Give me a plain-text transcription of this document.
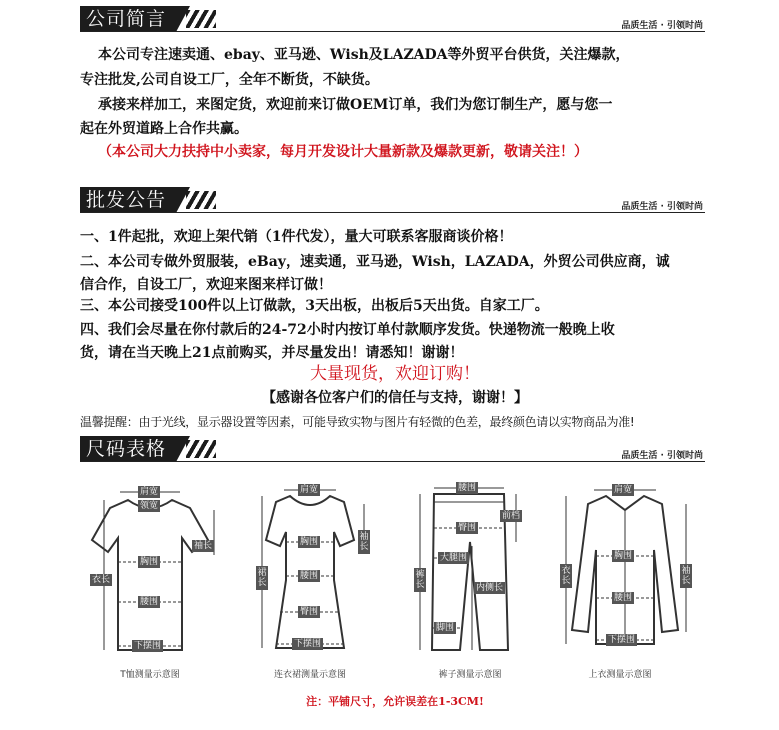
公司简言	品质生活 · 引领时尚
本公司专注速卖通、ebay、亚马逊、Wish及LAZADA等外贸平台供货，关注爆款，
专注批发,公司自设工厂，全年不断货，不缺货。
承接来样加工，来图定货，欢迎前来订做OEM订单，我们为您订制生产，愿与您一
起在外贸道路上合作共赢。
（本公司大力扶持中小卖家，每月开发设计大量新款及爆款更新，敬请关注！）
批发公告	品质生活 · 引领时尚
一、1件起批，欢迎上架代销（1件代发），量大可联系客服商谈价格！
二、本公司专做外贸服装，eBay，速卖通，亚马逊，Wish，LAZADA，外贸公司供应商，诚
信合作，自设工厂，欢迎来图来样订做！
三、本公司接受100件以上订做款，3天出板，出板后5天出货。自家工厂。
四、我们会尽量在你付款后的24-72小时内按订单付款顺序发货。快递物流一般晚上收
货，请在当天晚上21点前购买，并尽量发出！请悉知！谢谢！
大量现货，欢迎订购！
【感谢各位客户们的信任与支持，谢谢！】
温馨提醒：由于光线，显示器设置等因素，可能导致实物与图片有轻微的色差，最终颜色请以实物商品为准!
尺码表格	品质生活 · 引领时尚
肩宽
领宽
袖长
胸围
衣长
腰围
下摆围
T恤测量示意图
肩宽
袖长
胸围
裙长
腰围
臀围
下摆围
连衣裙测量示意图
腰围
前档
臀围
裤长
大腿围
内侧长
脚围
裤子测量示意图
肩宽
衣长
胸围
袖长
腰围
下摆围
上衣测量示意图
注：平铺尺寸，允许误差在1-3CM!
